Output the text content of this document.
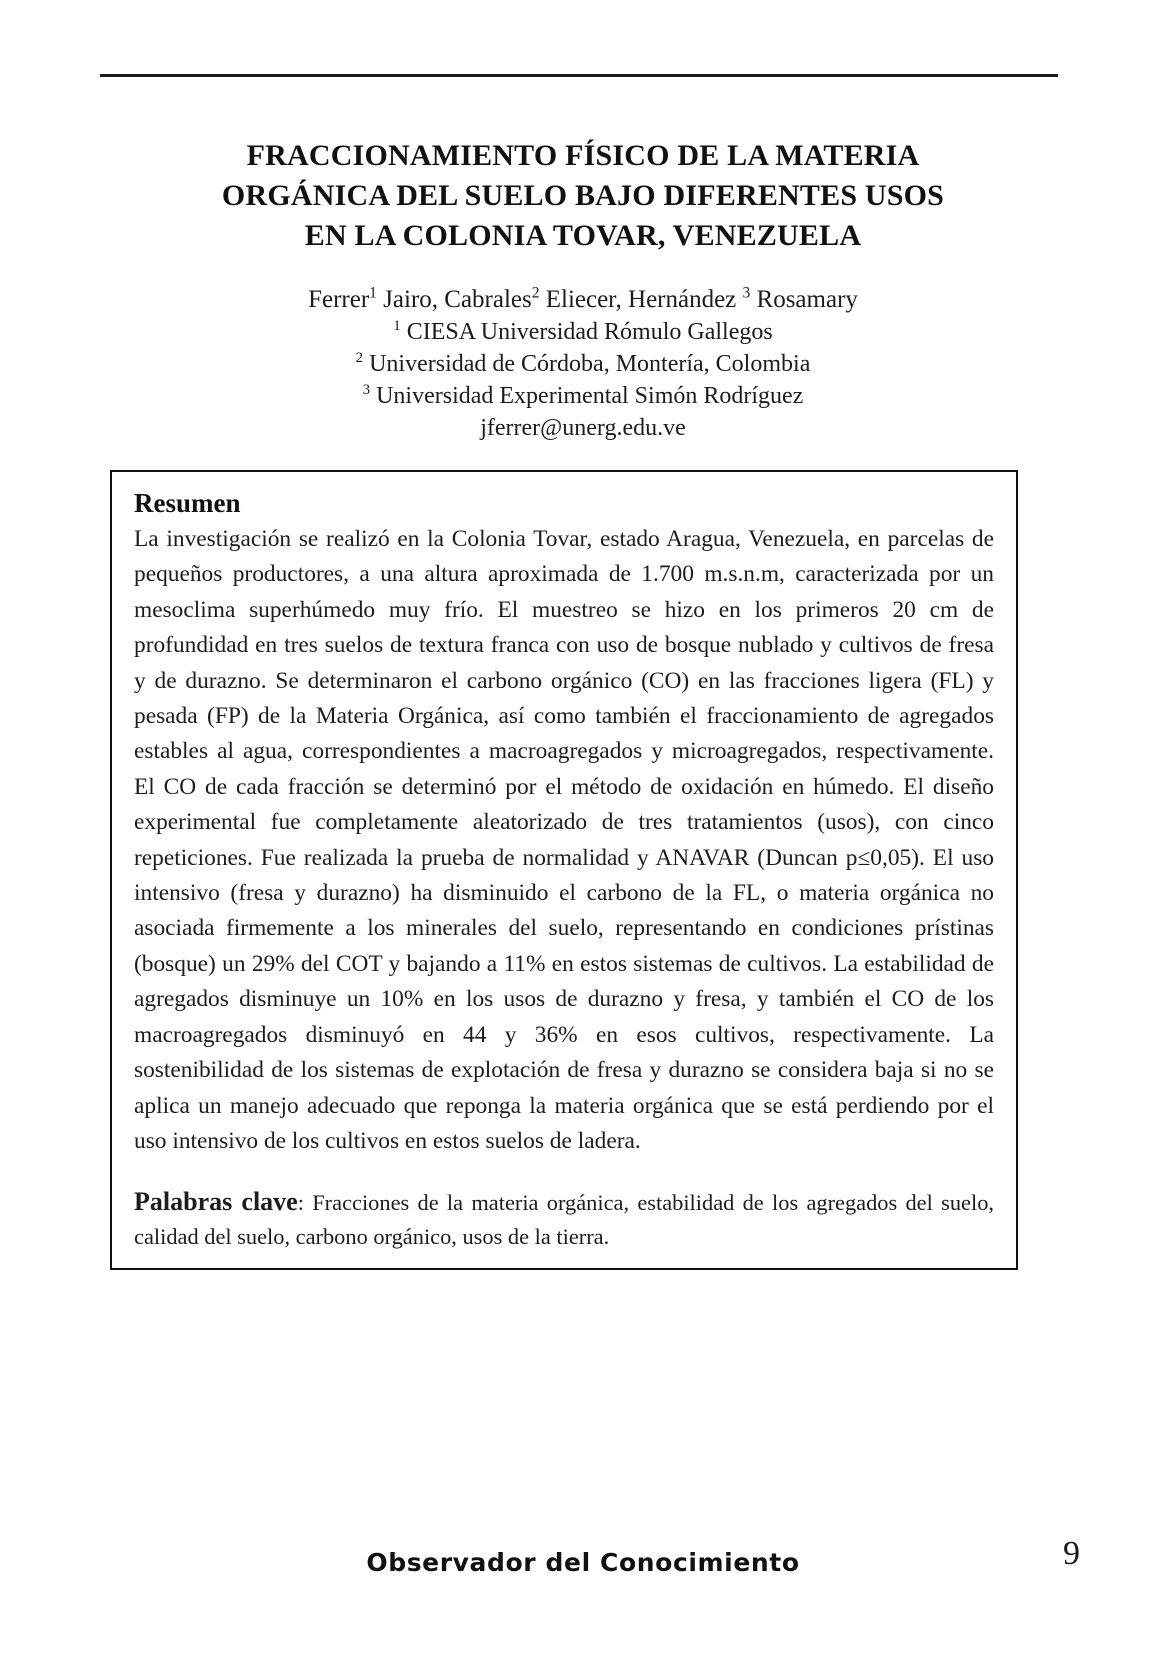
FRACCIONAMIENTO FÍSICO DE LA MATERIA
ORGÁNICA DEL SUELO BAJO DIFERENTES USOS
EN LA COLONIA TOVAR, VENEZUELA
Ferrer$^1$ Jairo, Cabrales$^2$ Eliecer, Hernández $^3$ Rosamary
$^1$ CIESA Universidad Rómulo Gallegos
$^2$ Universidad de Córdoba, Montería, Colombia
$^3$ Universidad Experimental Simón Rodríguez
jferrer@unerg.edu.ve
Resumen
La investigación se realizó en la Colonia Tovar, estado Aragua, Venezuela, en parcelas de pequeños productores, a una altura aproximada de 1.700 m.s.n.m, caracterizada por un mesoclima superhúmedo muy frío. El muestreo se hizo en los primeros 20 cm de profundidad en tres suelos de textura franca con uso de bosque nublado y cultivos de fresa y de durazno. Se determinaron el carbono orgánico (CO) en las fracciones ligera (FL) y pesada (FP) de la Materia Orgánica, así como también el fraccionamiento de agregados estables al agua, correspondientes a macroagregados y microagregados, respectivamente. El CO de cada fracción se determinó por el método de oxidación en húmedo. El diseño experimental fue completamente aleatorizado de tres tratamientos (usos), con cinco repeticiones. Fue realizada la prueba de normalidad y ANAVAR (Duncan p≤0,05). El uso intensivo (fresa y durazno) ha disminuido el carbono de la FL, o materia orgánica no asociada firmemente a los minerales del suelo, representando en condiciones prístinas (bosque) un 29% del COT y bajando a 11% en estos sistemas de cultivos. La estabilidad de agregados disminuye un 10% en los usos de durazno y fresa, y también el CO de los macroagregados disminuyó en 44 y 36% en esos cultivos, respectivamente. La sostenibilidad de los sistemas de explotación de fresa y durazno se considera baja si no se aplica un manejo adecuado que reponga la materia orgánica que se está perdiendo por el uso intensivo de los cultivos en estos suelos de ladera.
Palabras clave: Fracciones de la materia orgánica, estabilidad de los agregados del suelo, calidad del suelo, carbono orgánico, usos de la tierra.
Observador del Conocimiento	9
